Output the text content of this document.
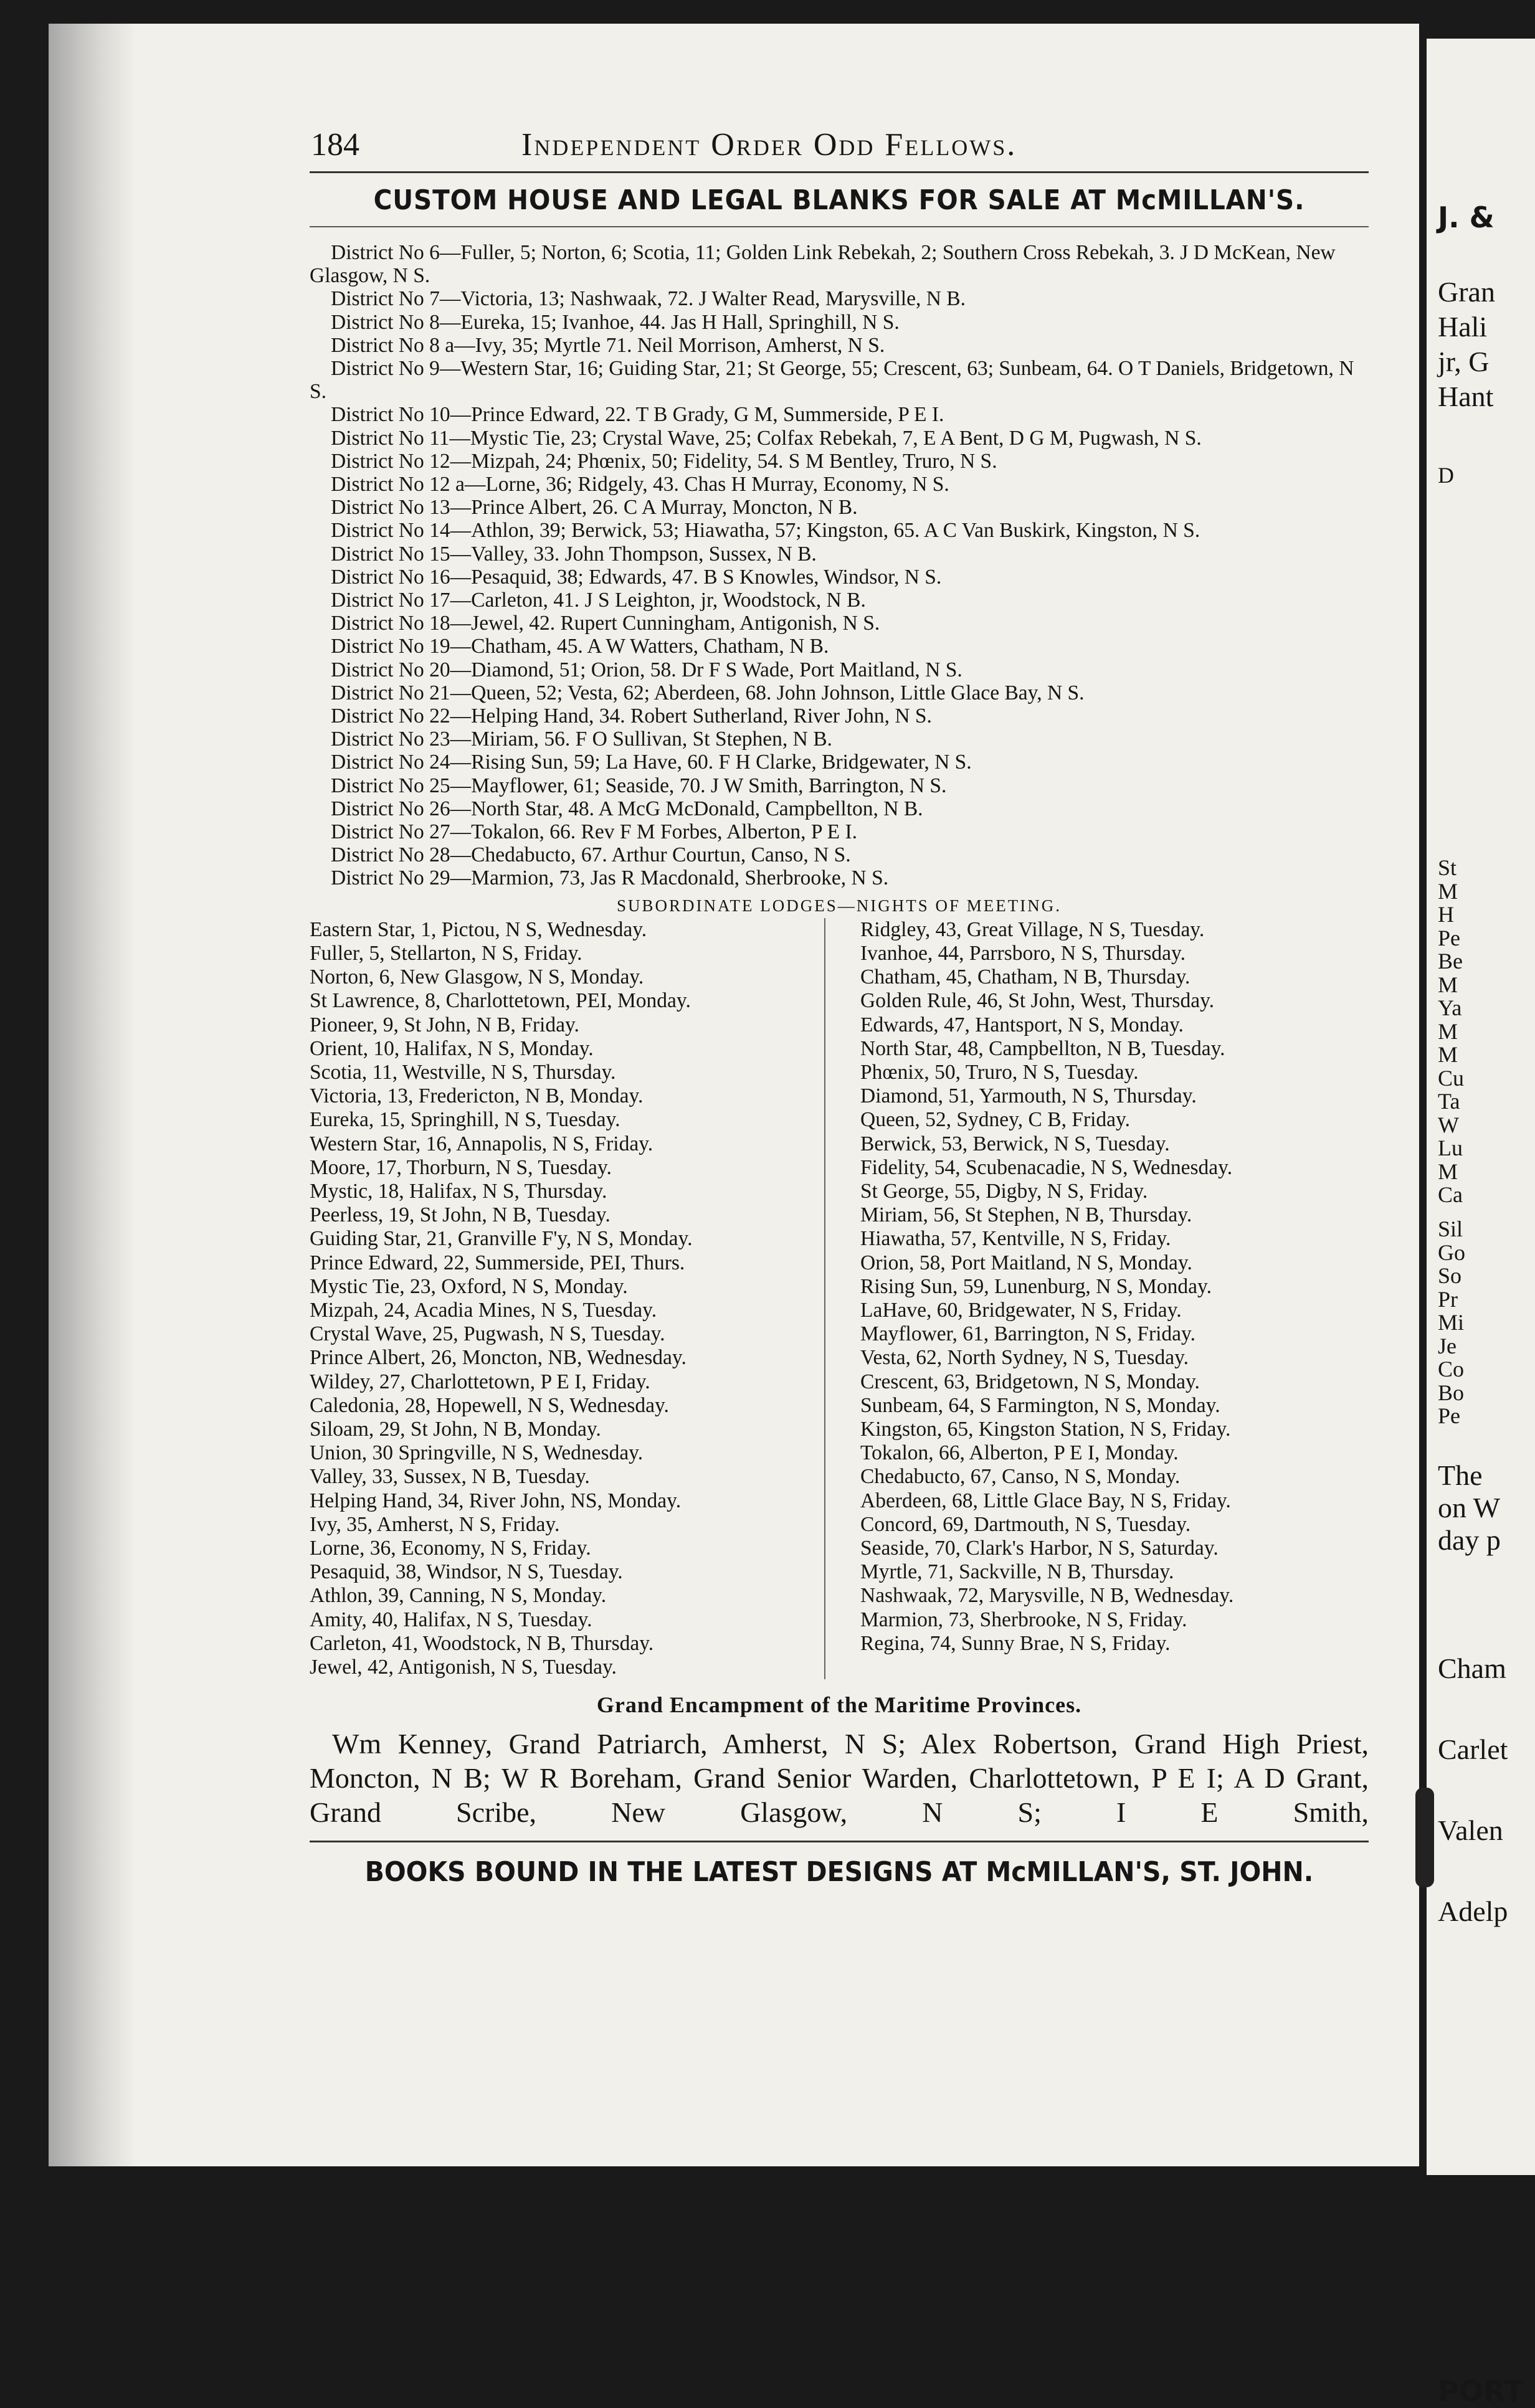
J. &
Gran
Hali
jr, G
Hant
D
St
M
H
Pe
Be
M
Ya
M
M
Cu
Ta
W
Lu
M
Ca
Sil
Go
So
Pr
Mi
Je
Co
Bo
Pe
The
on W
day p
Cham
Carlet
Valen
Adelp
PORT
184	Independent Order Odd Fellows.
CUSTOM HOUSE AND LEGAL BLANKS FOR SALE AT McMILLAN'S.
District No 6—Fuller, 5; Norton, 6; Scotia, 11; Golden Link Rebekah, 2; Southern Cross Rebekah, 3. J D McKean, New Glasgow, N S.
District No 7—Victoria, 13; Nashwaak, 72. J Walter Read, Marysville, N B.
District No 8—Eureka, 15; Ivanhoe, 44. Jas H Hall, Springhill, N S.
District No 8 a—Ivy, 35; Myrtle 71. Neil Morrison, Amherst, N S.
District No 9—Western Star, 16; Guiding Star, 21; St George, 55; Crescent, 63; Sunbeam, 64. O T Daniels, Bridgetown, N S.
District No 10—Prince Edward, 22. T B Grady, G M, Summerside, P E I.
District No 11—Mystic Tie, 23; Crystal Wave, 25; Colfax Rebekah, 7, E A Bent, D G M, Pugwash, N S.
District No 12—Mizpah, 24; Phœnix, 50; Fidelity, 54. S M Bentley, Truro, N S.
District No 12 a—Lorne, 36; Ridgely, 43. Chas H Murray, Economy, N S.
District No 13—Prince Albert, 26. C A Murray, Moncton, N B.
District No 14—Athlon, 39; Berwick, 53; Hiawatha, 57; Kingston, 65. A C Van Buskirk, Kingston, N S.
District No 15—Valley, 33. John Thompson, Sussex, N B.
District No 16—Pesaquid, 38; Edwards, 47. B S Knowles, Windsor, N S.
District No 17—Carleton, 41. J S Leighton, jr, Woodstock, N B.
District No 18—Jewel, 42. Rupert Cunningham, Antigonish, N S.
District No 19—Chatham, 45. A W Watters, Chatham, N B.
District No 20—Diamond, 51; Orion, 58. Dr F S Wade, Port Maitland, N S.
District No 21—Queen, 52; Vesta, 62; Aberdeen, 68. John Johnson, Little Glace Bay, N S.
District No 22—Helping Hand, 34. Robert Sutherland, River John, N S.
District No 23—Miriam, 56. F O Sullivan, St Stephen, N B.
District No 24—Rising Sun, 59; La Have, 60. F H Clarke, Bridgewater, N S.
District No 25—Mayflower, 61; Seaside, 70. J W Smith, Barrington, N S.
District No 26—North Star, 48. A McG McDonald, Campbellton, N B.
District No 27—Tokalon, 66. Rev F M Forbes, Alberton, P E I.
District No 28—Chedabucto, 67. Arthur Courtun, Canso, N S.
District No 29—Marmion, 73, Jas R Macdonald, Sherbrooke, N S.
SUBORDINATE LODGES—NIGHTS OF MEETING.
Eastern Star, 1, Pictou, N S, Wednesday.
Fuller, 5, Stellarton, N S, Friday.
Norton, 6, New Glasgow, N S, Monday.
St Lawrence, 8, Charlottetown, PEI, Monday.
Pioneer, 9, St John, N B, Friday.
Orient, 10, Halifax, N S, Monday.
Scotia, 11, Westville, N S, Thursday.
Victoria, 13, Fredericton, N B, Monday.
Eureka, 15, Springhill, N S, Tuesday.
Western Star, 16, Annapolis, N S, Friday.
Moore, 17, Thorburn, N S, Tuesday.
Mystic, 18, Halifax, N S, Thursday.
Peerless, 19, St John, N B, Tuesday.
Guiding Star, 21, Granville F'y, N S, Monday.
Prince Edward, 22, Summerside, PEI, Thurs.
Mystic Tie, 23, Oxford, N S, Monday.
Mizpah, 24, Acadia Mines, N S, Tuesday.
Crystal Wave, 25, Pugwash, N S, Tuesday.
Prince Albert, 26, Moncton, NB, Wednesday.
Wildey, 27, Charlottetown, P E I, Friday.
Caledonia, 28, Hopewell, N S, Wednesday.
Siloam, 29, St John, N B, Monday.
Union, 30 Springville, N S, Wednesday.
Valley, 33, Sussex, N B, Tuesday.
Helping Hand, 34, River John, NS, Monday.
Ivy, 35, Amherst, N S, Friday.
Lorne, 36, Economy, N S, Friday.
Pesaquid, 38, Windsor, N S, Tuesday.
Athlon, 39, Canning, N S, Monday.
Amity, 40, Halifax, N S, Tuesday.
Carleton, 41, Woodstock, N B, Thursday.
Jewel, 42, Antigonish, N S, Tuesday.
Ridgley, 43, Great Village, N S, Tuesday.
Ivanhoe, 44, Parrsboro, N S, Thursday.
Chatham, 45, Chatham, N B, Thursday.
Golden Rule, 46, St John, West, Thursday.
Edwards, 47, Hantsport, N S, Monday.
North Star, 48, Campbellton, N B, Tuesday.
Phœnix, 50, Truro, N S, Tuesday.
Diamond, 51, Yarmouth, N S, Thursday.
Queen, 52, Sydney, C B, Friday.
Berwick, 53, Berwick, N S, Tuesday.
Fidelity, 54, Scubenacadie, N S, Wednesday.
St George, 55, Digby, N S, Friday.
Miriam, 56, St Stephen, N B, Thursday.
Hiawatha, 57, Kentville, N S, Friday.
Orion, 58, Port Maitland, N S, Monday.
Rising Sun, 59, Lunenburg, N S, Monday.
LaHave, 60, Bridgewater, N S, Friday.
Mayflower, 61, Barrington, N S, Friday.
Vesta, 62, North Sydney, N S, Tuesday.
Crescent, 63, Bridgetown, N S, Monday.
Sunbeam, 64, S Farmington, N S, Monday.
Kingston, 65, Kingston Station, N S, Friday.
Tokalon, 66, Alberton, P E I, Monday.
Chedabucto, 67, Canso, N S, Monday.
Aberdeen, 68, Little Glace Bay, N S, Friday.
Concord, 69, Dartmouth, N S, Tuesday.
Seaside, 70, Clark's Harbor, N S, Saturday.
Myrtle, 71, Sackville, N B, Thursday.
Nashwaak, 72, Marysville, N B, Wednesday.
Marmion, 73, Sherbrooke, N S, Friday.
Regina, 74, Sunny Brae, N S, Friday.
Grand Encampment of the Maritime Provinces.
Wm Kenney, Grand Patriarch, Amherst, N S; Alex Robertson, Grand High Priest, Moncton, N B; W R Boreham, Grand Senior Warden, Charlottetown, P E I; A D Grant, Grand Scribe, New Glasgow, N S; I E Smith,
BOOKS BOUND IN THE LATEST DESIGNS AT McMILLAN'S, ST. JOHN.
